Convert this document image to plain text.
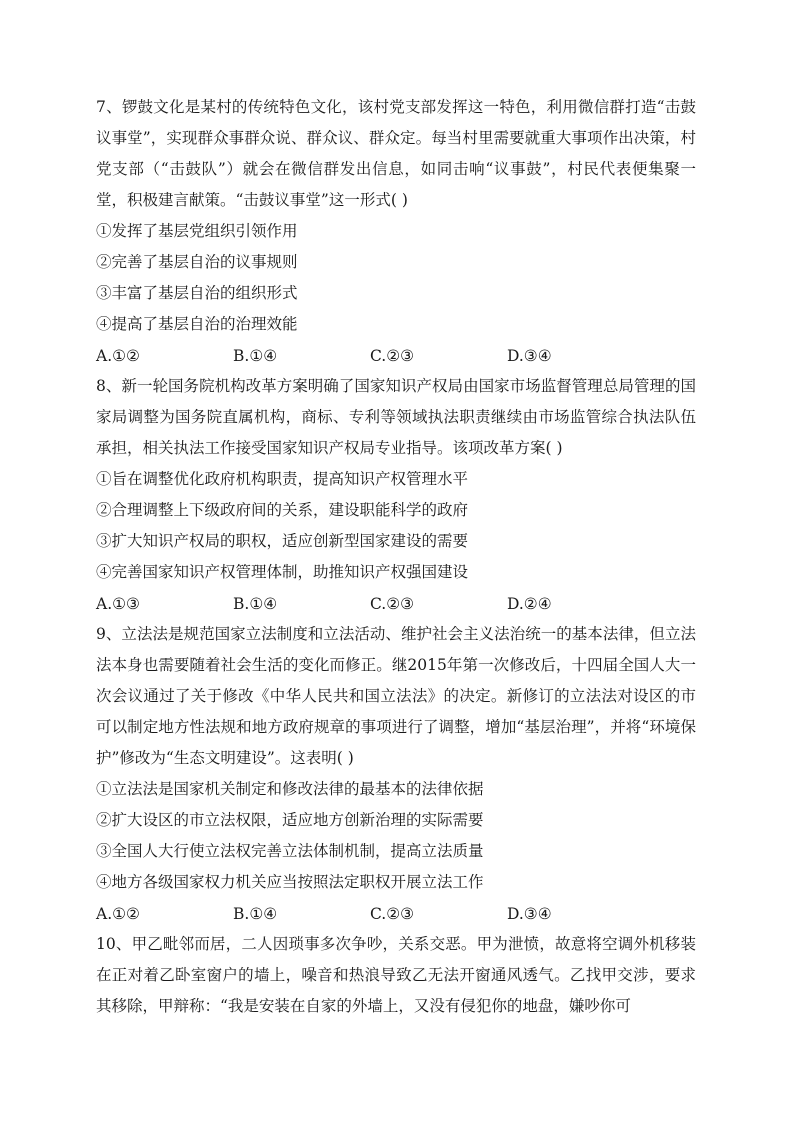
7、锣鼓文化是某村的传统特色文化，该村党支部发挥这一特色，利用微信群打造“击鼓议事堂”，实现群众事群众说、群众议、群众定。每当村里需要就重大事项作出决策，村党支部（“击鼓队”）就会在微信群发出信息，如同击响“议事鼓”，村民代表便集聚一堂，积极建言献策。“击鼓议事堂”这一形式( )

①发挥了基层党组织引领作用

②完善了基层自治的议事规则

③丰富了基层自治的组织形式

④提高了基层自治的治理效能

A.①②	B.①④	C.②③	D.③④

8、新一轮国务院机构改革方案明确了国家知识产权局由国家市场监督管理总局管理的国家局调整为国务院直属机构，商标、专利等领域执法职责继续由市场监管综合执法队伍承担，相关执法工作接受国家知识产权局专业指导。该项改革方案( )

①旨在调整优化政府机构职责，提高知识产权管理水平

②合理调整上下级政府间的关系，建设职能科学的政府

③扩大知识产权局的职权，适应创新型国家建设的需要

④完善国家知识产权管理体制，助推知识产权强国建设

A.①③	B.①④	C.②③	D.②④

9、立法法是规范国家立法制度和立法活动、维护社会主义法治统一的基本法律，但立法法本身也需要随着社会生活的变化而修正。继2015年第一次修改后，十四届全国人大一次会议通过了关于修改《中华人民共和国立法法》的决定。新修订的立法法对设区的市可以制定地方性法规和地方政府规章的事项进行了调整，增加“基层治理”，并将“环境保护”修改为“生态文明建设”。这表明( )

①立法法是国家机关制定和修改法律的最基本的法律依据

②扩大设区的市立法权限，适应地方创新治理的实际需要

③全国人大行使立法权完善立法体制机制，提高立法质量

④地方各级国家权力机关应当按照法定职权开展立法工作

A.①②	B.①④	C.②③	D.③④

10、甲乙毗邻而居，二人因琐事多次争吵，关系交恶。甲为泄愤，故意将空调外机移装在正对着乙卧室窗户的墙上，噪音和热浪导致乙无法开窗通风透气。乙找甲交涉，要求其移除，甲辩称：“我是安装在自家的外墙上，又没有侵犯你的地盘，嫌吵你可
